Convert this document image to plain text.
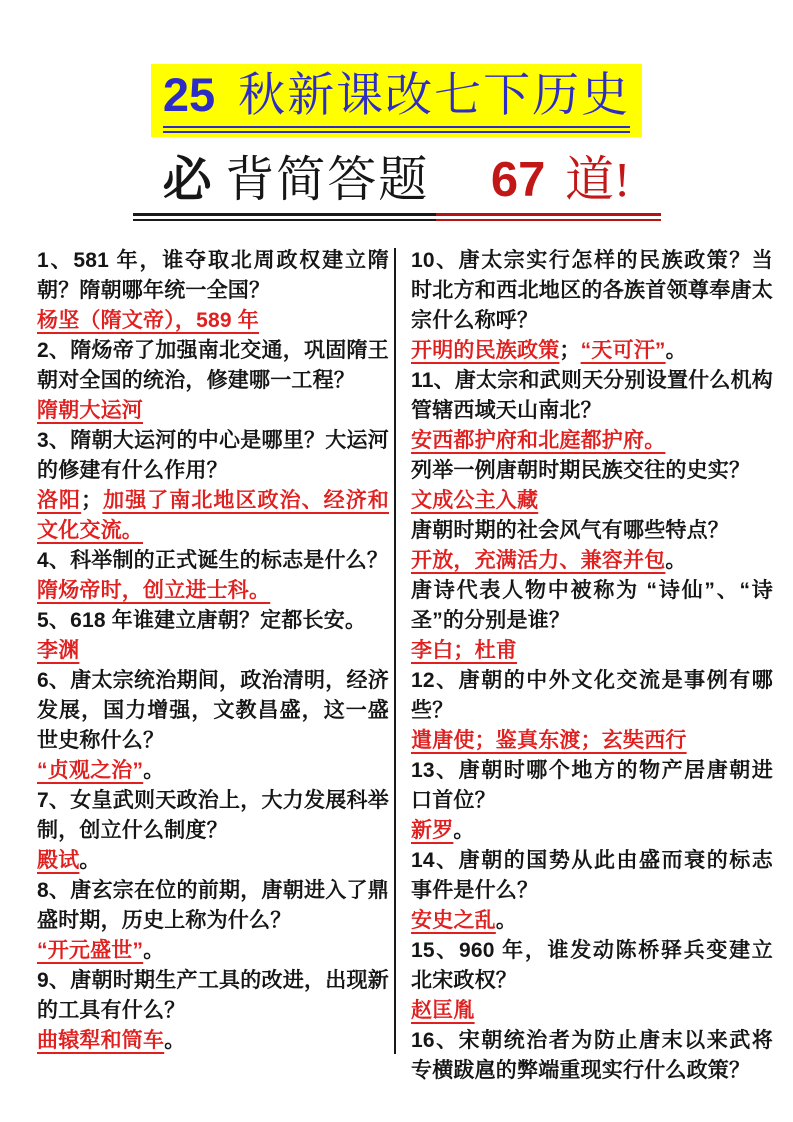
25 秋新课改七下历史
必 背简答题 67 道!

1、581 年，谁夺取北周政权建立隋朝？隋朝哪年统一全国？

杨坚（隋文帝），589 年

2、隋炀帝了加强南北交通，巩固隋王朝对全国的统治，修建哪一工程？

隋朝大运河

3、隋朝大运河的中心是哪里？大运河的修建有什么作用？

洛阳；加强了南北地区政治、经济和文化交流。

4、科举制的正式诞生的标志是什么？

隋炀帝时，创立进士科。

5、618 年谁建立唐朝？定都长安。

李渊

6、唐太宗统治期间，政治清明，经济发展，国力增强，文教昌盛，这一盛世史称什么？

“贞观之治”。

7、女皇武则天政治上，大力发展科举制，创立什么制度？

殿试。

8、唐玄宗在位的前期，唐朝进入了鼎盛时期，历史上称为什么？

“开元盛世”。

9、唐朝时期生产工具的改进，出现新的工具有什么？

曲辕犁和筒车。

10、唐太宗实行怎样的民族政策？当时北方和西北地区的各族首领尊奉唐太宗什么称呼？

开明的民族政策；“天可汗”。

11、唐太宗和武则天分别设置什么机构管辖西域天山南北？

安西都护府和北庭都护府。

列举一例唐朝时期民族交往的史实？

文成公主入藏

唐朝时期的社会风气有哪些特点？

开放，充满活力、兼容并包。

唐诗代表人物中被称为 “诗仙”、“诗圣”的分别是谁？

李白；杜甫

12、唐朝的中外文化交流是事例有哪些？

遣唐使；鉴真东渡；玄奘西行

13、唐朝时哪个地方的物产居唐朝进口首位？

新罗。

14、唐朝的国势从此由盛而衰的标志事件是什么？

安史之乱。

15、960 年，谁发动陈桥驿兵变建立北宋政权？

赵匡胤

16、宋朝统治者为防止唐末以来武将专横跋扈的弊端重现实行什么政策？
